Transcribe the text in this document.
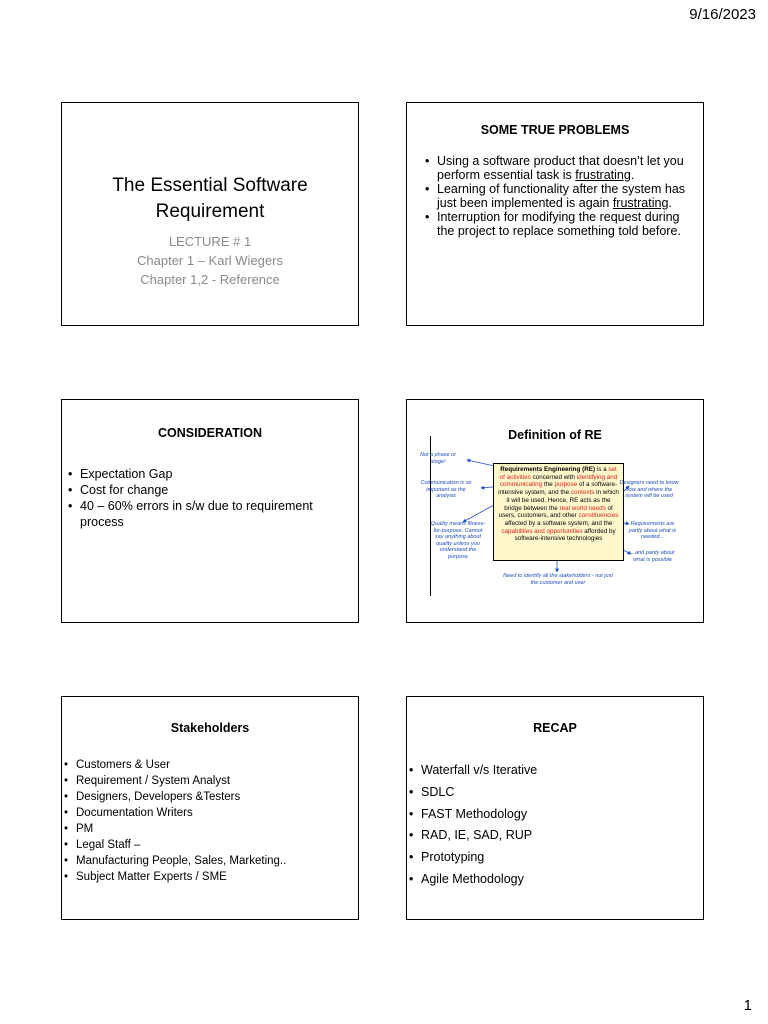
9/16/2023
The Essential Software Requirement
LECTURE # 1
Chapter 1 – Karl Wiegers
Chapter 1,2 - Reference
SOME TRUE PROBLEMS
• Using a software product that doesn’t let you perform essential task is frustrating.
• Learning of functionality after the system has just been implemented is again frustrating.
• Interruption for modifying the request during the project to replace something told before.
CONSIDERATION
• Expectation Gap
• Cost for change
• 40 – 60% errors in s/w due to requirement process
Definition of RE
Requirements Engineering (RE) is a set of activities concerned with identifying and communicating the purpose of a software-intensive system, and the contexts in which it will be used. Hence, RE acts as the bridge between the real world needs of users, customers, and other constituencies affected by a software system, and the capabilities and opportunities afforded by software-intensive technologies
Not a phase or stage!
Communication is as important as the analysis
Quality means fitness-for-purpose. Cannot say anything about quality unless you understand the purpose
Designers need to know how and where the system will be used
Requirements are partly about what is needed...
...and partly about what is possible
Need to identify all the stakeholders - not just the customer and user
Stakeholders
• Customers & User
• Requirement / System Analyst
• Designers, Developers &Testers
• Documentation Writers
• PM
• Legal Staff –
• Manufacturing People, Sales, Marketing..
• Subject Matter Experts / SME
RECAP
• Waterfall v/s Iterative
• SDLC
• FAST Methodology
• RAD, IE, SAD, RUP
• Prototyping
• Agile Methodology
1
